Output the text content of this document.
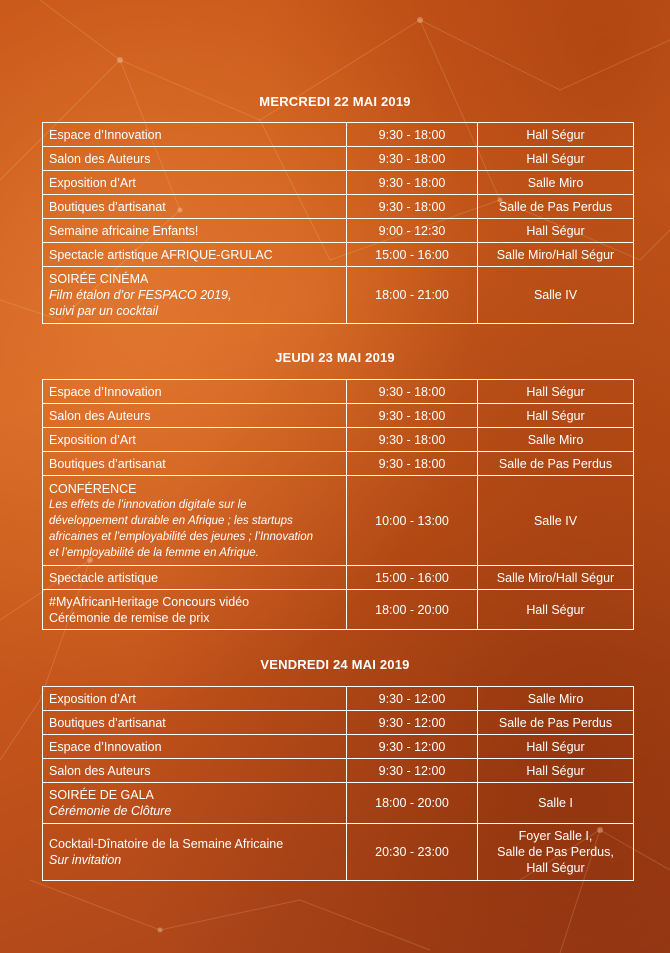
MERCREDI 22 MAI 2019
Espace d’Innovation	9:30 - 18:00	Hall Ségur
Salon des Auteurs	9:30 - 18:00	Hall Ségur
Exposition d’Art	9:30 - 18:00	Salle Miro
Boutiques d’artisanat	9:30 - 18:00	Salle de Pas Perdus
Semaine africaine Enfants!	9:00 - 12:30	Hall Ségur
Spectacle artistique AFRIQUE-GRULAC	15:00 - 16:00	Salle Miro/Hall Ségur

SOIRÉE CINÉMA
Film étalon d’or FESPACO 2019,
suivi par un cocktail	18:00 - 21:00	Salle IV
JEUDI 23 MAI 2019
Espace d’Innovation	9:30 - 18:00	Hall Ségur
Salon des Auteurs	9:30 - 18:00	Hall Ségur
Exposition d’Art	9:30 - 18:00	Salle Miro
Boutiques d’artisanat	9:30 - 18:00	Salle de Pas Perdus

CONFÉRENCE
Les effets de l’innovation digitale sur le
développement durable en Afrique ; les startups
africaines et l’employabilité des jeunes ; l’Innovation
et l’employabilité de la femme en Afrique.	10:00 - 13:00	Salle IV
Spectacle artistique	15:00 - 16:00	Salle Miro/Hall Ségur

#MyAfricanHeritage Concours vidéo
Cérémonie de remise de prix	18:00 - 20:00	Hall Ségur
VENDREDI 24 MAI 2019
Exposition d’Art	9:30 - 12:00	Salle Miro
Boutiques d’artisanat	9:30 - 12:00	Salle de Pas Perdus
Espace d’Innovation	9:30 - 12:00	Hall Ségur
Salon des Auteurs	9:30 - 12:00	Hall Ségur

SOIRÉE DE GALA
Cérémonie de Clôture	18:00 - 20:00	Salle I

Cocktail-Dînatoire de la Semaine Africaine
Sur invitation	20:30 - 23:00	Foyer Salle I,
Salle de Pas Perdus,
Hall Ségur
